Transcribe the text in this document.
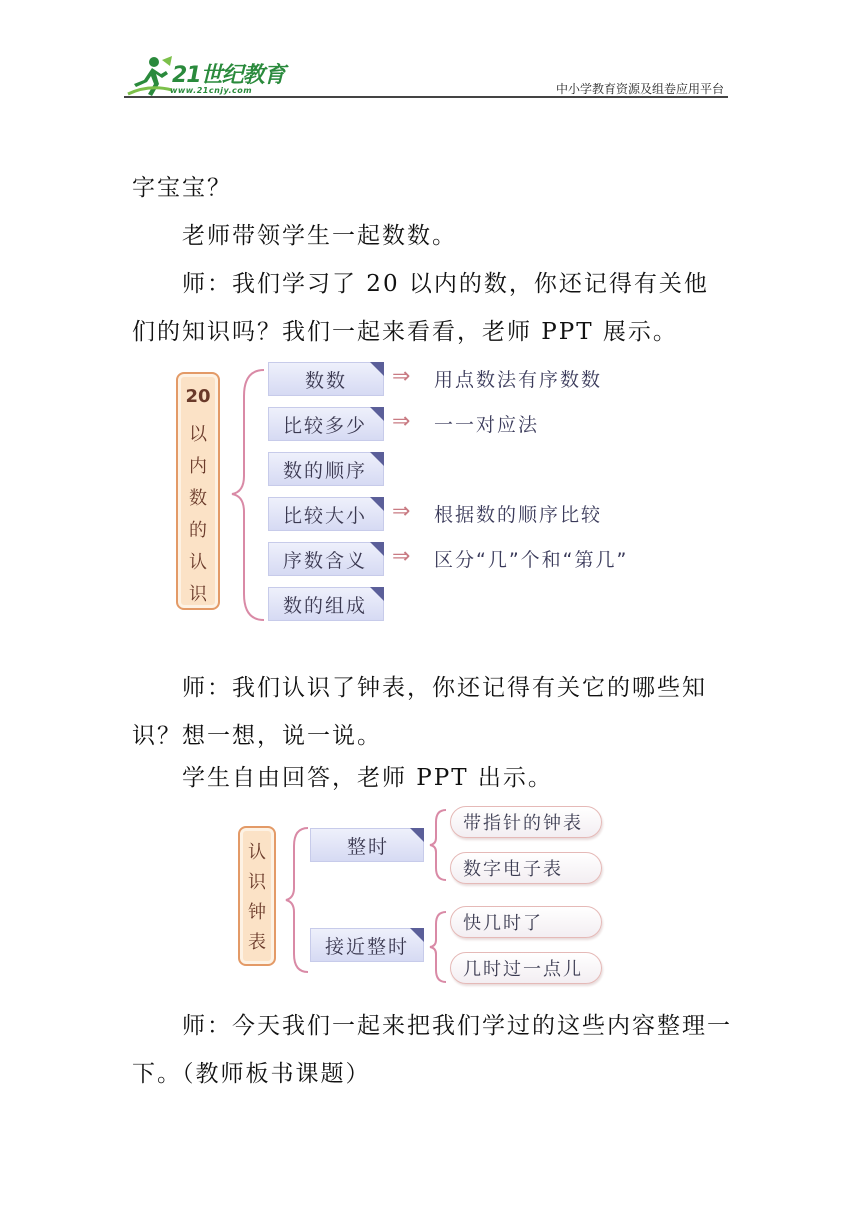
21世纪教育
www.21cnjy.com	中小学教育资源及组卷应用平台
字宝宝？
老师带领学生一起数数。
师：我们学习了 20 以内的数，你还记得有关他们的知识吗？我们一起来看看，老师 PPT 展示。
20
以
内
数
的
认
识
数数
比较多少
数的顺序
比较大小
序数含义
数的组成
⇒ 用点数法有序数数
⇒ 一一对应法
⇒ 根据数的顺序比较
⇒ 区分“几”个和“第几”
师：我们认识了钟表，你还记得有关它的哪些知识？想一想，说一说。
学生自由回答，老师 PPT 出示。
认
识
钟
表
整时
接近整时
带指针的钟表
数字电子表
快几时了
几时过一点儿
师：今天我们一起来把我们学过的这些内容整理一下。（教师板书课题）
